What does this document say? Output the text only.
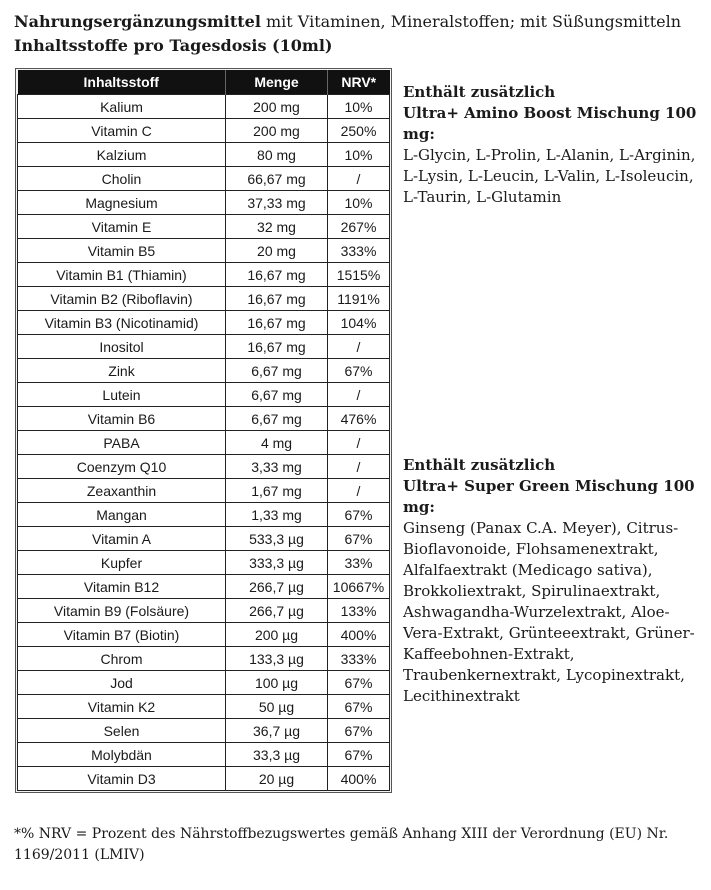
Nahrungsergänzungsmittel mit Vitaminen, Mineralstoffen; mit Süßungsmitteln
Inhaltsstoffe pro Tagesdosis (10ml)
Inhaltsstoff	Menge	NRV*
Kalium	200 mg	10%
Vitamin C	200 mg	250%
Kalzium	80 mg	10%
Cholin	66,67 mg	/
Magnesium	37,33 mg	10%
Vitamin E	32 mg	267%
Vitamin B5	20 mg	333%
Vitamin B1 (Thiamin)	16,67 mg	1515%
Vitamin B2 (Riboflavin)	16,67 mg	1191%
Vitamin B3 (Nicotinamid)	16,67 mg	104%
Inositol	16,67 mg	/
Zink	6,67 mg	67%
Lutein	6,67 mg	/
Vitamin B6	6,67 mg	476%
PABA	4 mg	/
Coenzym Q10	3,33 mg	/
Zeaxanthin	1,67 mg	/
Mangan	1,33 mg	67%
Vitamin A	533,3 µg	67%
Kupfer	333,3 µg	33%
Vitamin B12	266,7 µg	10667%
Vitamin B9 (Folsäure)	266,7 µg	133%
Vitamin B7 (Biotin)	200 µg	400%
Chrom	133,3 µg	333%
Jod	100 µg	67%
Vitamin K2	50 µg	67%
Selen	36,7 µg	67%
Molybdän	33,3 µg	67%
Vitamin D3	20 µg	400%
Enthält zusätzlich
Ultra+ Amino Boost Mischung 100 mg:
L-Glycin, L-Prolin, L-Alanin, L-Arginin, L-Lysin, L-Leucin, L-Valin, L-Isoleucin, L-Taurin, L-Glutamin
Enthält zusätzlich
Ultra+ Super Green Mischung 100 mg:
Ginseng (Panax C.A. Meyer), Citrus-Bioflavonoide, Flohsamenextrakt, Alfalfaextrakt (Medicago sativa), Brokkoliextrakt, Spirulinaextrakt, Ashwagandha-Wurzelextrakt, Aloe-Vera-Extrakt, Grünteeextrakt, Grüner-Kaffeebohnen-Extrakt, Traubenkernextrakt, Lycopinextrakt, Lecithinextrakt
*% NRV = Prozent des Nährstoffbezugswertes gemäß Anhang XIII der Verordnung (EU) Nr. 1169/2011 (LMIV)
